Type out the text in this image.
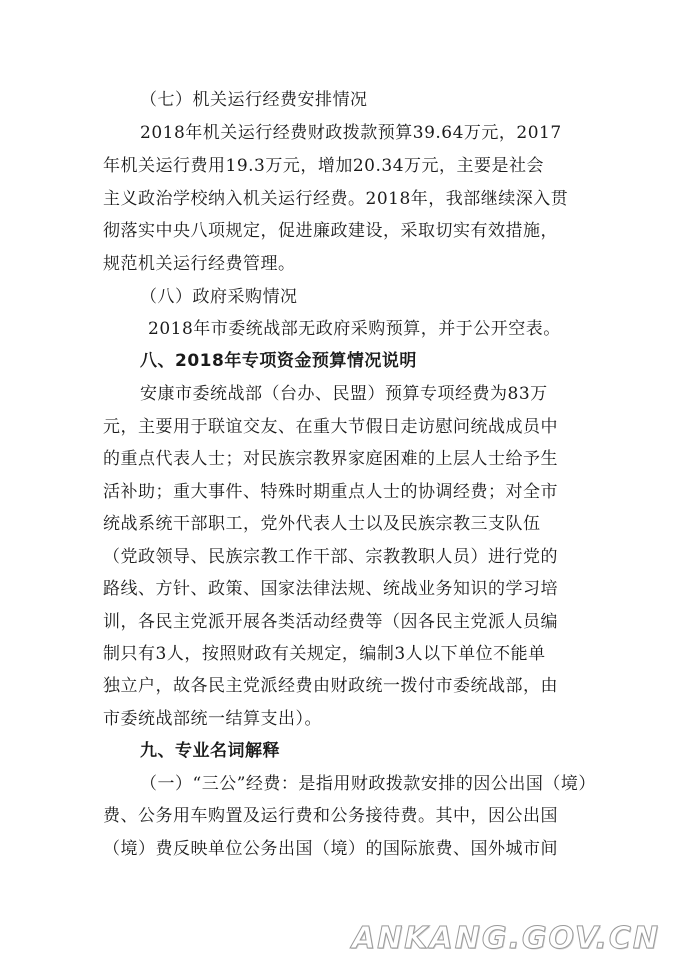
（七）机关运行经费安排情况
2018年机关运行经费财政拨款预算39.64万元，2017
年机关运行费用19.3万元，增加20.34万元，主要是社会
主义政治学校纳入机关运行经费。2018年，我部继续深入贯
彻落实中央八项规定，促进廉政建设，采取切实有效措施，
规范机关运行经费管理。
（八）政府采购情况
2018年市委统战部无政府采购预算，并于公开空表。
八、2018年专项资金预算情况说明
安康市委统战部（台办、民盟）预算专项经费为83万
元，主要用于联谊交友、在重大节假日走访慰问统战成员中
的重点代表人士；对民族宗教界家庭困难的上层人士给予生
活补助；重大事件、特殊时期重点人士的协调经费；对全市
统战系统干部职工，党外代表人士以及民族宗教三支队伍
（党政领导、民族宗教工作干部、宗教教职人员）进行党的
路线、方针、政策、国家法律法规、统战业务知识的学习培
训，各民主党派开展各类活动经费等（因各民主党派人员编
制只有3人，按照财政有关规定，编制3人以下单位不能单
独立户，故各民主党派经费由财政统一拨付市委统战部，由
市委统战部统一结算支出）。
九、专业名词解释
（一）“三公”经费：是指用财政拨款安排的因公出国（境）
费、公务用车购置及运行费和公务接待费。其中，因公出国
（境）费反映单位公务出国（境）的国际旅费、国外城市间
ANKANG.GOV.CN
